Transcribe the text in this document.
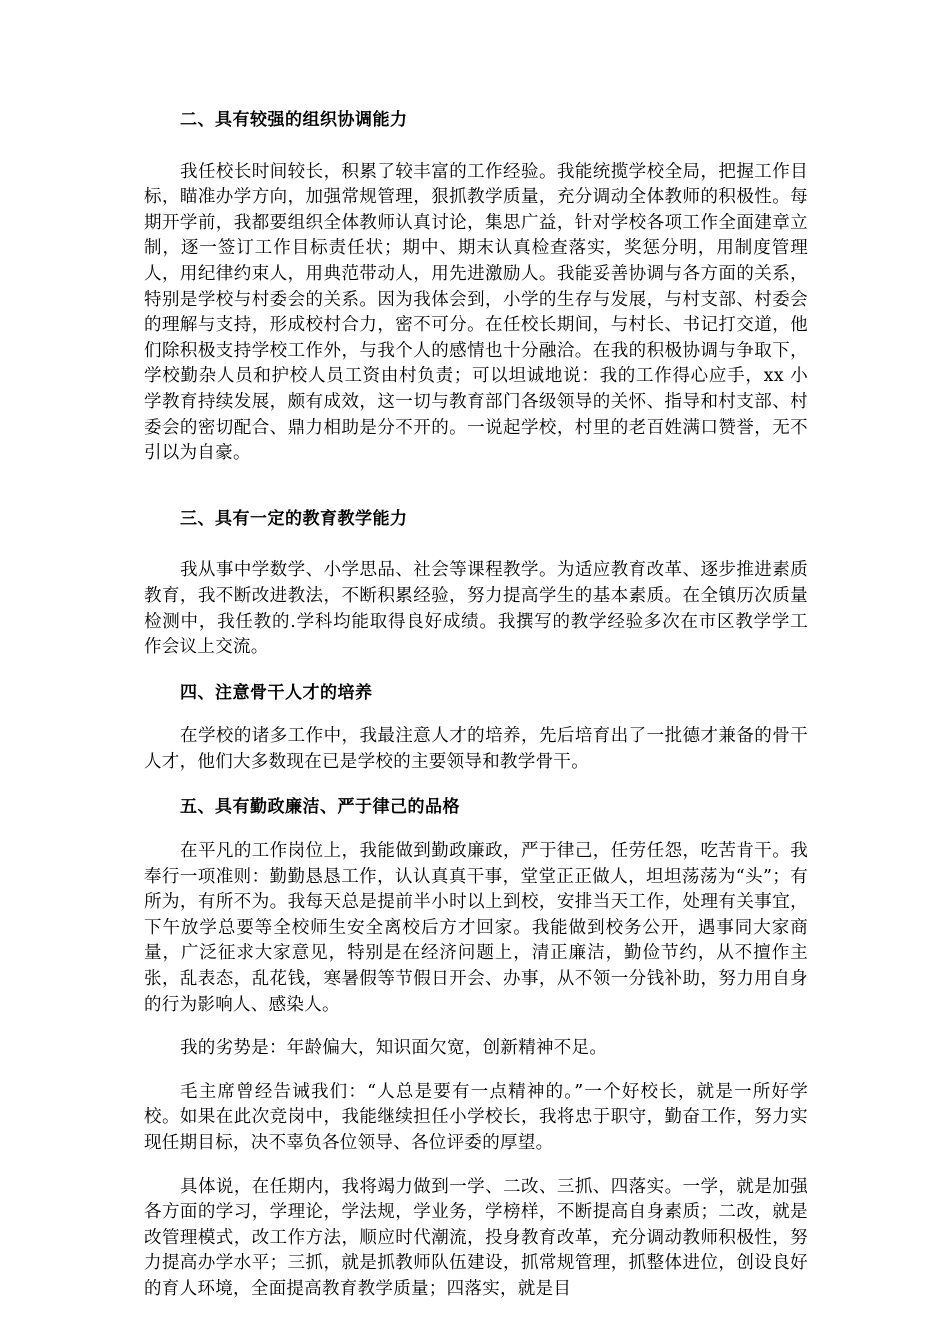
二、具有较强的组织协调能力

我任校长时间较长，积累了较丰富的工作经验。我能统揽学校全局，把握工作目标，瞄准办学方向，加强常规管理，狠抓教学质量，充分调动全体教师的积极性。每期开学前，我都要组织全体教师认真讨论，集思广益，针对学校各项工作全面建章立制，逐一签订工作目标责任状；期中、期末认真检查落实，奖惩分明，用制度管理人，用纪律约束人，用典范带动人，用先进激励人。我能妥善协调与各方面的关系，特别是学校与村委会的关系。因为我体会到，小学的生存与发展，与村支部、村委会的理解与支持，形成校村合力，密不可分。在任校长期间，与村长、书记打交道，他们除积极支持学校工作外，与我个人的感情也十分融洽。在我的积极协调与争取下，学校勤杂人员和护校人员工资由村负责；可以坦诚地说：我的工作得心应手，xx 小学教育持续发展，颇有成效，这一切与教育部门各级领导的关怀、指导和村支部、村委会的密切配合、鼎力相助是分不开的。一说起学校，村里的老百姓满口赞誉，无不引以为自豪。

三、具有一定的教育教学能力

我从事中学数学、小学思品、社会等课程教学。为适应教育改革、逐步推进素质教育，我不断改进教法，不断积累经验，努力提高学生的基本素质。在全镇历次质量检测中，我任教的.学科均能取得良好成绩。我撰写的教学经验多次在市区教学学工作会议上交流。

四、注意骨干人才的培养

在学校的诸多工作中，我最注意人才的培养，先后培育出了一批德才兼备的骨干人才，他们大多数现在已是学校的主要领导和教学骨干。

五、具有勤政廉洁、严于律己的品格

在平凡的工作岗位上，我能做到勤政廉政，严于律己，任劳任怨，吃苦肯干。我奉行一项准则：勤勤恳恳工作，认认真真干事，堂堂正正做人，坦坦荡荡为“头”；有所为，有所不为。我每天总是提前半小时以上到校，安排当天工作，处理有关事宜，下午放学总要等全校师生安全离校后方才回家。我能做到校务公开，遇事同大家商量，广泛征求大家意见，特别是在经济问题上，清正廉洁，勤俭节约，从不擅作主张，乱表态，乱花钱，寒暑假等节假日开会、办事，从不领一分钱补助，努力用自身的行为影响人、感染人。

我的劣势是：年龄偏大，知识面欠宽，创新精神不足。

毛主席曾经告诫我们：“人总是要有一点精神的。”一个好校长，就是一所好学校。如果在此次竞岗中，我能继续担任小学校长，我将忠于职守，勤奋工作，努力实现任期目标，决不辜负各位领导、各位评委的厚望。

具体说，在任期内，我将竭力做到一学、二改、三抓、四落实。一学，就是加强各方面的学习，学理论，学法规，学业务，学榜样，不断提高自身素质；二改，就是改管理模式，改工作方法，顺应时代潮流，投身教育改革，充分调动教师积极性，努力提高办学水平；三抓，就是抓教师队伍建设，抓常规管理，抓整体进位，创设良好的育人环境，全面提高教育教学质量；四落实，就是目
